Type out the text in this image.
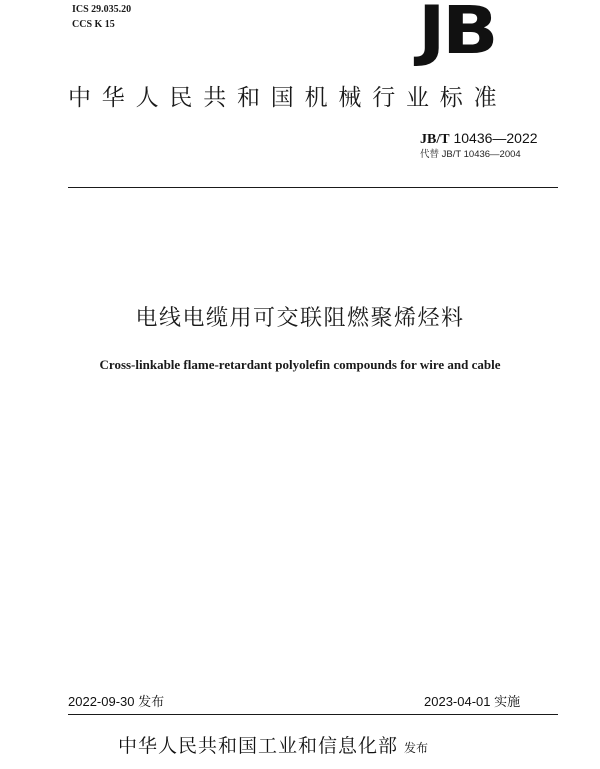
ICS 29.035.20
CCS K 15	JB
中华人民共和国机械行业标准
JB/T 10436—2022
代替 JB/T 10436—2004
电线电缆用可交联阻燃聚烯烃料
Cross-linkable flame-retardant polyolefin compounds for wire and cable
2022-09-30 发布	2023-04-01 实施
中华人民共和国工业和信息化部 发布
